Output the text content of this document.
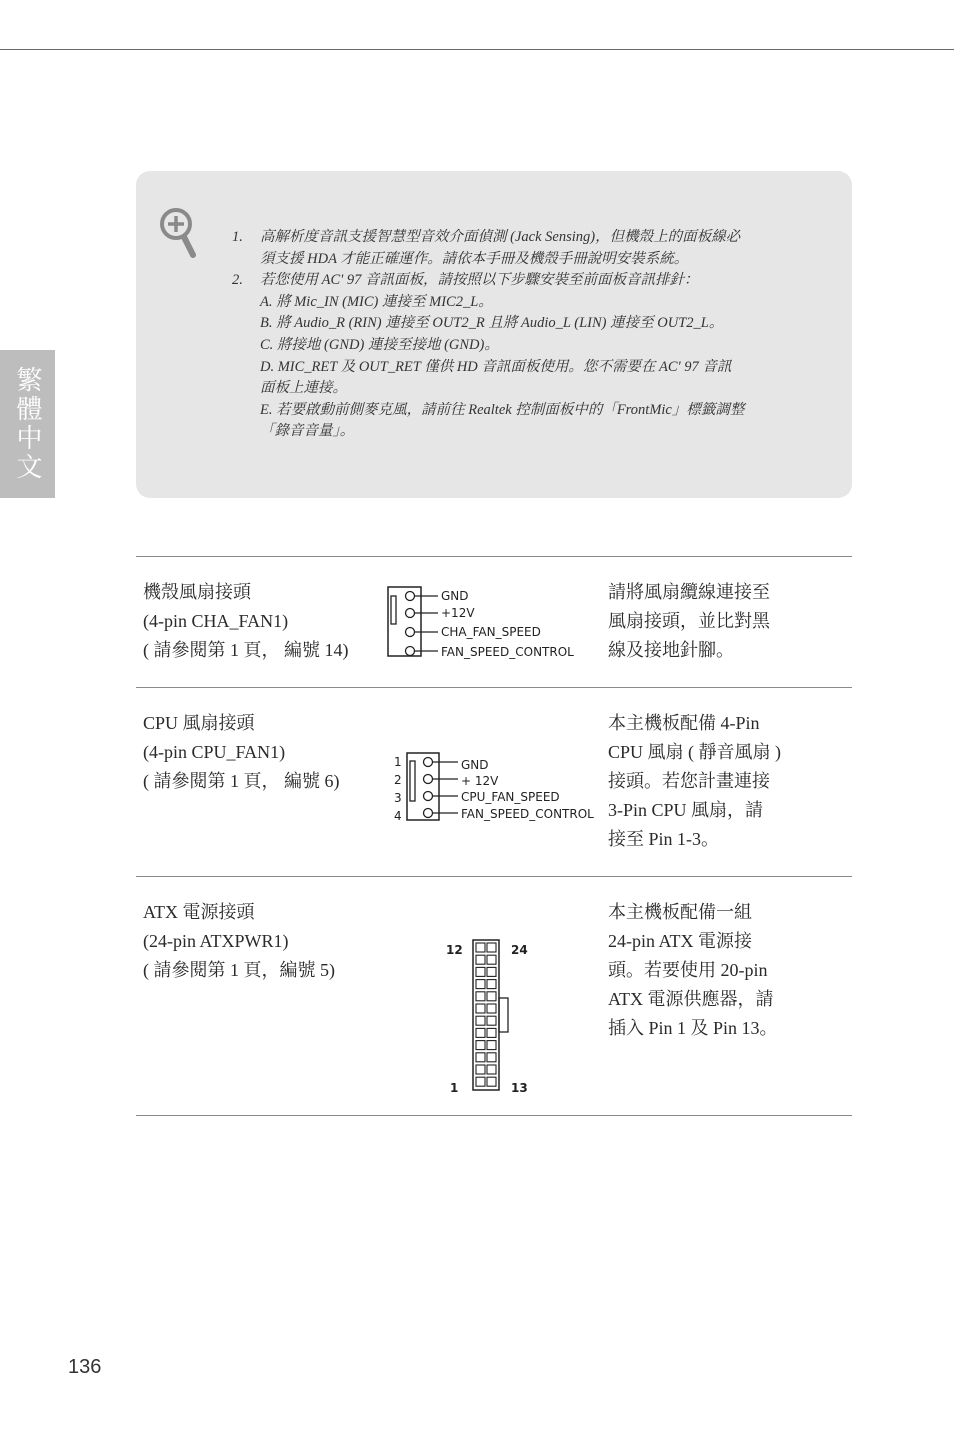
繁體中文
1. 高解析度音訊支援智慧型音效介面偵測 (Jack Sensing)，但機殼上的面板線必
須支援 HDA 才能正確運作。請依本手冊及機殼手冊說明安裝系統。
2. 若您使用 AC' 97 音訊面板，請按照以下步驟安裝至前面板音訊排針：
A. 將 Mic_IN (MIC) 連接至 MIC2_L。
B. 將 Audio_R (RIN) 連接至 OUT2_R 且將 Audio_L (LIN) 連接至 OUT2_L。
C. 將接地 (GND) 連接至接地 (GND)。
D. MIC_RET 及 OUT_RET 僅供 HD 音訊面板使用。您不需要在 AC' 97 音訊
面板上連接。
E. 若要啟動前側麥克風，請前往 Realtek 控制面板中的「FrontMic」標籤調整
「錄音音量」。
機殼風扇接頭
(4-pin CHA_FAN1)
( 請參閱第 1 頁， 編號 14)
GND
+12V
CHA_FAN_SPEED
FAN_SPEED_CONTROL
請將風扇纜線連接至
風扇接頭，並比對黑
線及接地針腳。
CPU 風扇接頭
(4-pin CPU_FAN1)
( 請參閱第 1 頁， 編號 6)
1
2
3
4
GND
+ 12V
CPU_FAN_SPEED
FAN_SPEED_CONTROL
本主機板配備 4-Pin
CPU 風扇 ( 靜音風扇 )
接頭。若您計畫連接
3-Pin CPU 風扇，請
接至 Pin 1-3。
ATX 電源接頭
(24-pin ATXPWR1)
( 請參閱第 1 頁，編號 5)
12	24
1	13
本主機板配備一組
24-pin ATX 電源接
頭。若要使用 20-pin
ATX 電源供應器，請
插入 Pin 1 及 Pin 13。
136
